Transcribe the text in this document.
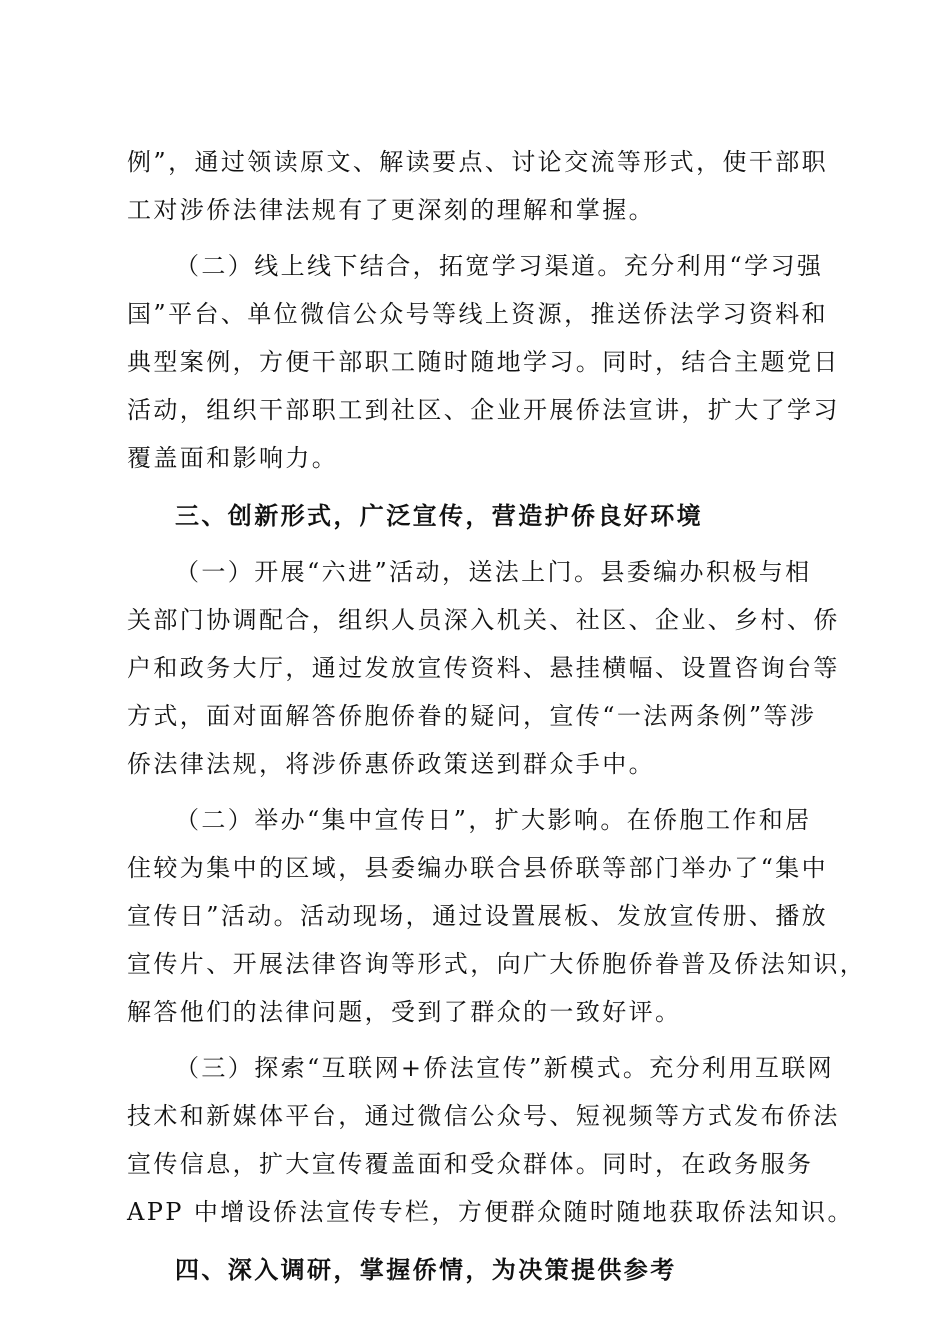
例”，通过领读原文、解读要点、讨论交流等形式，使干部职
工对涉侨法律法规有了更深刻的理解和掌握。
（二）线上线下结合，拓宽学习渠道。充分利用“学习强
国”平台、单位微信公众号等线上资源，推送侨法学习资料和
典型案例，方便干部职工随时随地学习。同时，结合主题党日
活动，组织干部职工到社区、企业开展侨法宣讲，扩大了学习
覆盖面和影响力。
三、创新形式，广泛宣传，营造护侨良好环境
（一）开展“六进”活动，送法上门。县委编办积极与相
关部门协调配合，组织人员深入机关、社区、企业、乡村、侨
户和政务大厅，通过发放宣传资料、悬挂横幅、设置咨询台等
方式，面对面解答侨胞侨眷的疑问，宣传“一法两条例”等涉
侨法律法规，将涉侨惠侨政策送到群众手中。
（二）举办“集中宣传日”，扩大影响。在侨胞工作和居
住较为集中的区域，县委编办联合县侨联等部门举办了“集中
宣传日”活动。活动现场，通过设置展板、发放宣传册、播放
宣传片、开展法律咨询等形式，向广大侨胞侨眷普及侨法知识，
解答他们的法律问题，受到了群众的一致好评。
（三）探索“互联网+侨法宣传”新模式。充分利用互联网
技术和新媒体平台，通过微信公众号、短视频等方式发布侨法
宣传信息，扩大宣传覆盖面和受众群体。同时，在政务服务
APP 中增设侨法宣传专栏，方便群众随时随地获取侨法知识。
四、深入调研，掌握侨情，为决策提供参考
